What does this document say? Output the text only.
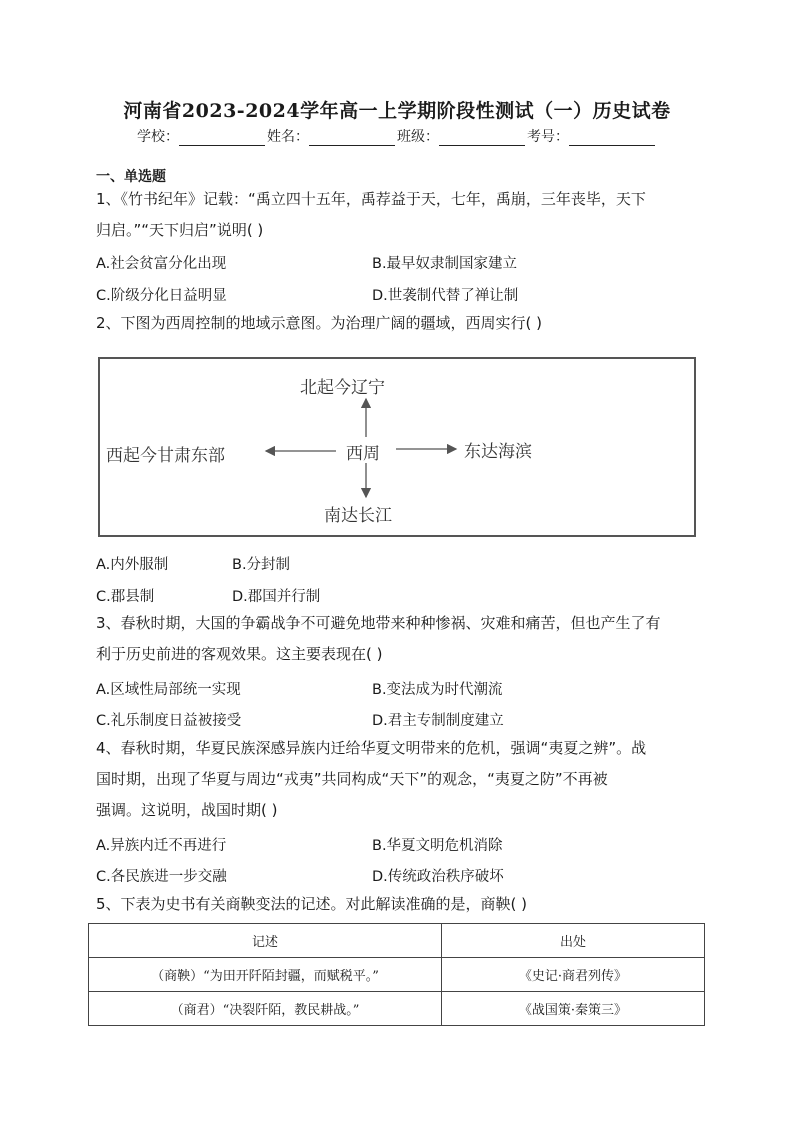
河南省2023-2024学年高一上学期阶段性测试（一）历史试卷
学校：	姓名：	班级：	考号：
一、单选题
1、《竹书纪年》记载：“禹立四十五年，禹荐益于天，七年，禹崩，三年丧毕，天下
归启。”“天下归启”说明( )
A.社会贫富分化出现	B.最早奴隶制国家建立
C.阶级分化日益明显	D.世袭制代替了禅让制
2、下图为西周控制的地域示意图。为治理广阔的疆域，西周实行( )
北起今辽宁
西起今甘肃东部	西周	东达海滨
南达长江
A.内外服制	B.分封制
C.郡县制	D.郡国并行制
3、春秋时期，大国的争霸战争不可避免地带来种种惨祸、灾难和痛苦，但也产生了有
利于历史前进的客观效果。这主要表现在( )
A.区域性局部统一实现	B.变法成为时代潮流
C.礼乐制度日益被接受	D.君主专制制度建立
4、春秋时期，华夏民族深感异族内迁给华夏文明带来的危机，强调“夷夏之辨”。战
国时期，出现了华夏与周边“戎夷”共同构成“天下”的观念，“夷夏之防”不再被
强调。这说明，战国时期( )
A.异族内迁不再进行	B.华夏文明危机消除
C.各民族进一步交融	D.传统政治秩序破坏
5、下表为史书有关商鞅变法的记述。对此解读准确的是，商鞅( )
记述	出处
（商鞅）“为田开阡陌封疆，而赋税平。”	《史记·商君列传》
（商君）“决裂阡陌，教民耕战。”	《战国策·秦策三》
